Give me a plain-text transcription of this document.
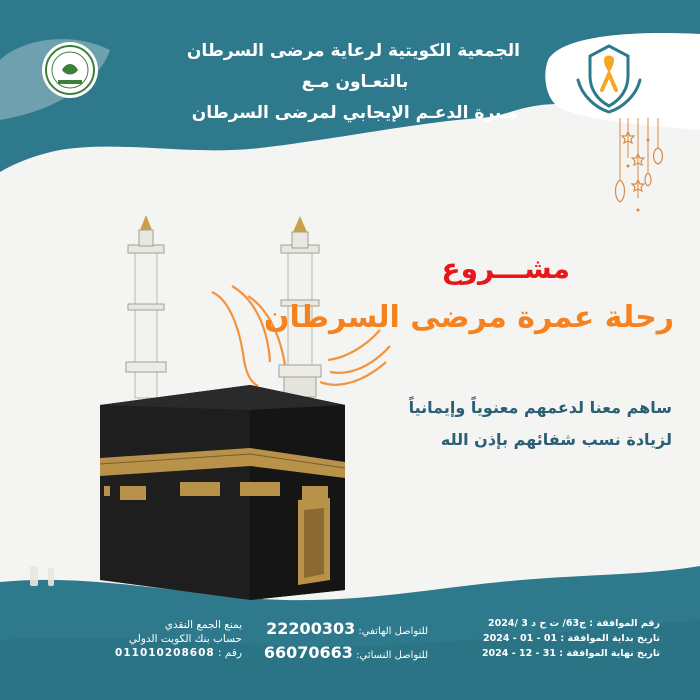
الجمعية الكويتية لرعاية مرضى السرطان
بالتعـاون مـع
مـبرة الدعـم الإيجابي لمرضى السرطان
مشـــروع
رحلة عمرة مرضى السرطان
ساهم معنا لدعمهم معنوياً وإيمانياً
لزيادة نسب شفائهم بإذن الله
رقم الموافقة : ج63/ ت ح د 3 /2024
تاريخ بداية الموافقة : 01 - 01 - 2024
تاريخ نهاية الموافقة : 31 - 12 - 2024
للتواصل الهاتفي: 22200303
للتواصل النسائي: 66070663
يمنع الجمع النقدي
حساب بنك الكويت الدولي
رقم : 011010208608
